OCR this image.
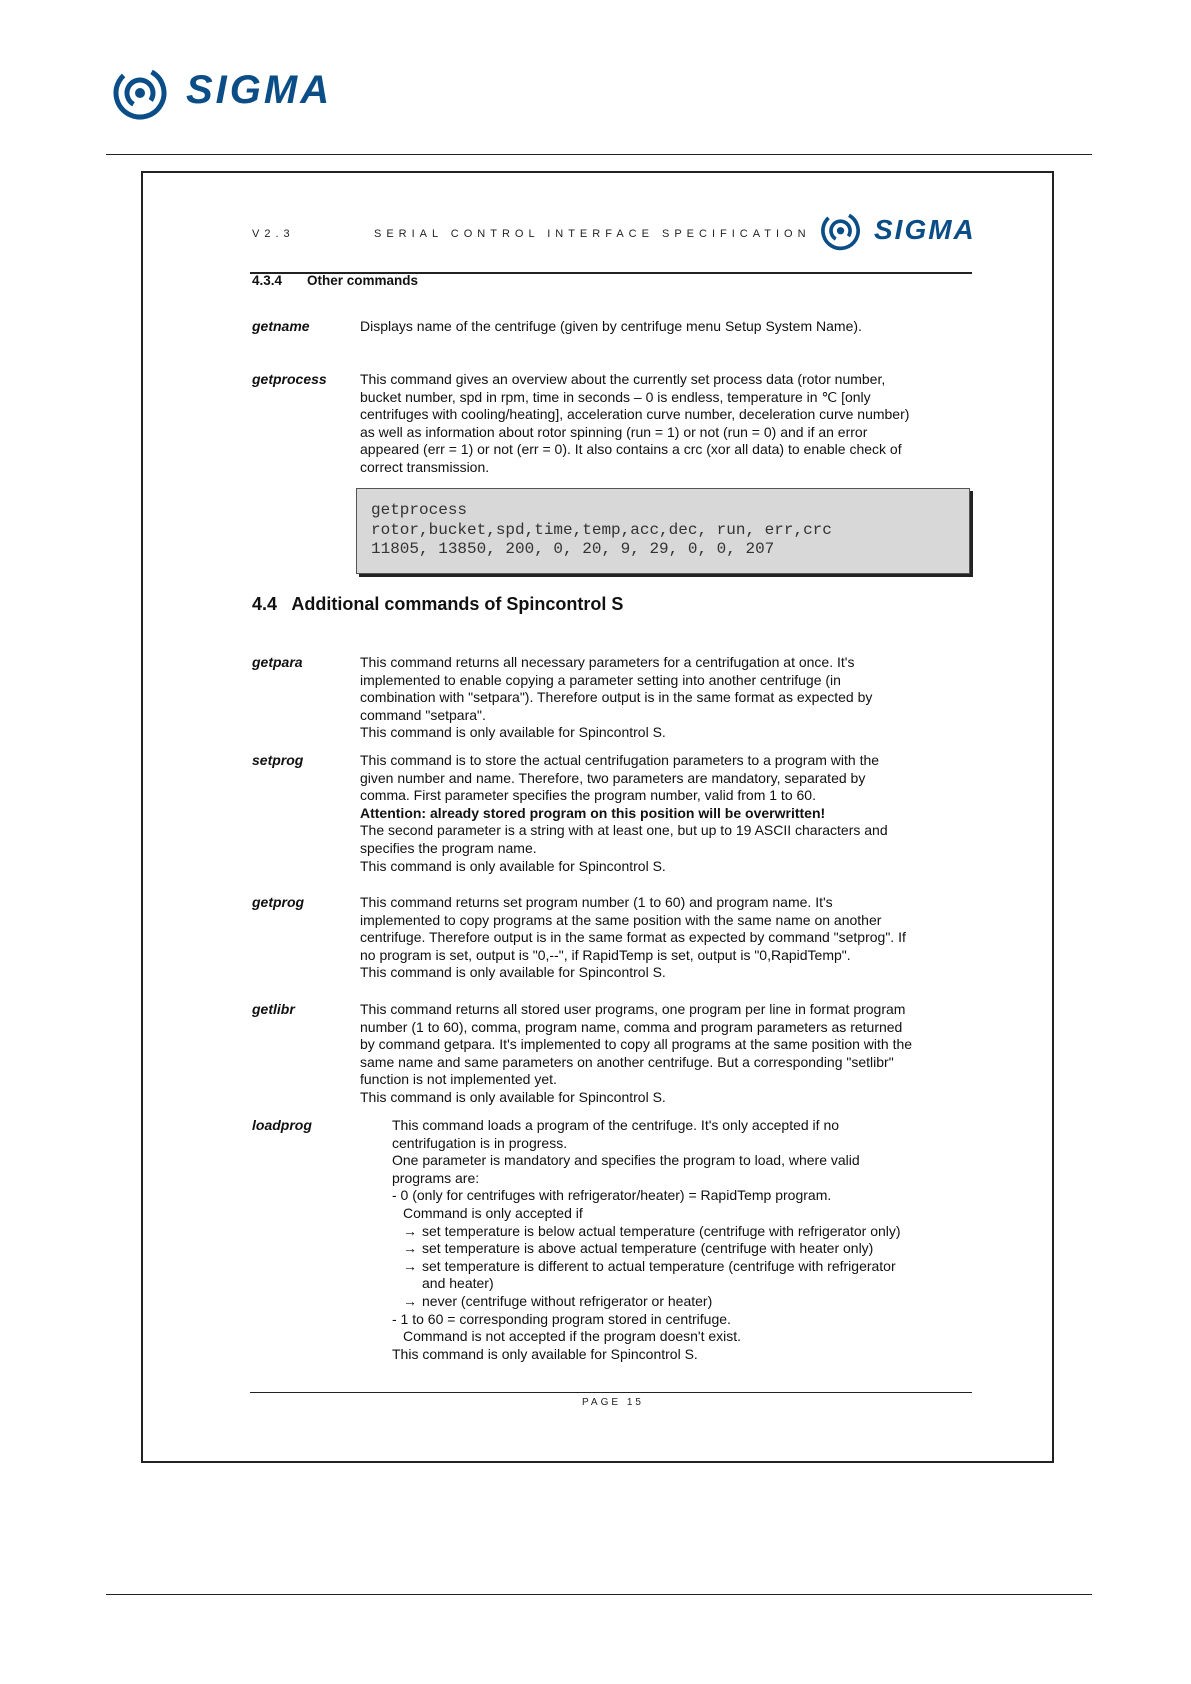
SIGMA
V2.3	SERIAL CONTROL INTERFACE SPECIFICATION SIGMA
4.3.4 Other commands
getname	Displays name of the centrifuge (given by centrifuge menu Setup System Name).

getprocess This command gives an overview about the currently set process data (rotor number,

bucket number, spd in rpm, time in seconds – 0 is endless, temperature in ℃ [only

centrifuges with cooling/heating], acceleration curve number, deceleration curve number)

as well as information about rotor spinning (run = 1) or not (run = 0) and if an error

appeared (err = 1) or not (err = 0). It also contains a crc (xor all data) to enable check of

correct transmission.

getprocess
rotor,bucket,spd,time,temp,acc,dec, run, err,crc
11805, 13850, 200, 0, 20, 9, 29, 0, 0, 207
4.4 Additional commands of Spincontrol S
getpara	This command returns all necessary parameters for a centrifugation at once. It's

implemented to enable copying a parameter setting into another centrifuge (in

combination with "setpara"). Therefore output is in the same format as expected by

command "setpara".

This command is only available for Spincontrol S.

setprog	This command is to store the actual centrifugation parameters to a program with the

given number and name. Therefore, two parameters are mandatory, separated by

comma. First parameter specifies the program number, valid from 1 to 60.

Attention: already stored program on this position will be overwritten!

The second parameter is a string with at least one, but up to 19 ASCII characters and

specifies the program name.

This command is only available for Spincontrol S.

getprog	This command returns set program number (1 to 60) and program name. It's

implemented to copy programs at the same position with the same name on another

centrifuge. Therefore output is in the same format as expected by command "setprog". If

no program is set, output is "0,--", if RapidTemp is set, output is "0,RapidTemp".

This command is only available for Spincontrol S.

getlibr	This command returns all stored user programs, one program per line in format program

number (1 to 60), comma, program name, comma and program parameters as returned

by command getpara. It's implemented to copy all programs at the same position with the

same name and same parameters on another centrifuge. But a corresponding "setlibr"

function is not implemented yet.

This command is only available for Spincontrol S.

loadprog	This command loads a program of the centrifuge. It's only accepted if no

centrifugation is in progress.

One parameter is mandatory and specifies the program to load, where valid

programs are:

- 0 (only for centrifuges with refrigerator/heater) = RapidTemp program.

Command is only accepted if

→ set temperature is below actual temperature (centrifuge with refrigerator only)

→ set temperature is above actual temperature (centrifuge with heater only)

→ set temperature is different to actual temperature (centrifuge with refrigerator

and heater)

→ never (centrifuge without refrigerator or heater)

- 1 to 60 = corresponding program stored in centrifuge.

Command is not accepted if the program doesn't exist.

This command is only available for Spincontrol S.

PAGE 15
